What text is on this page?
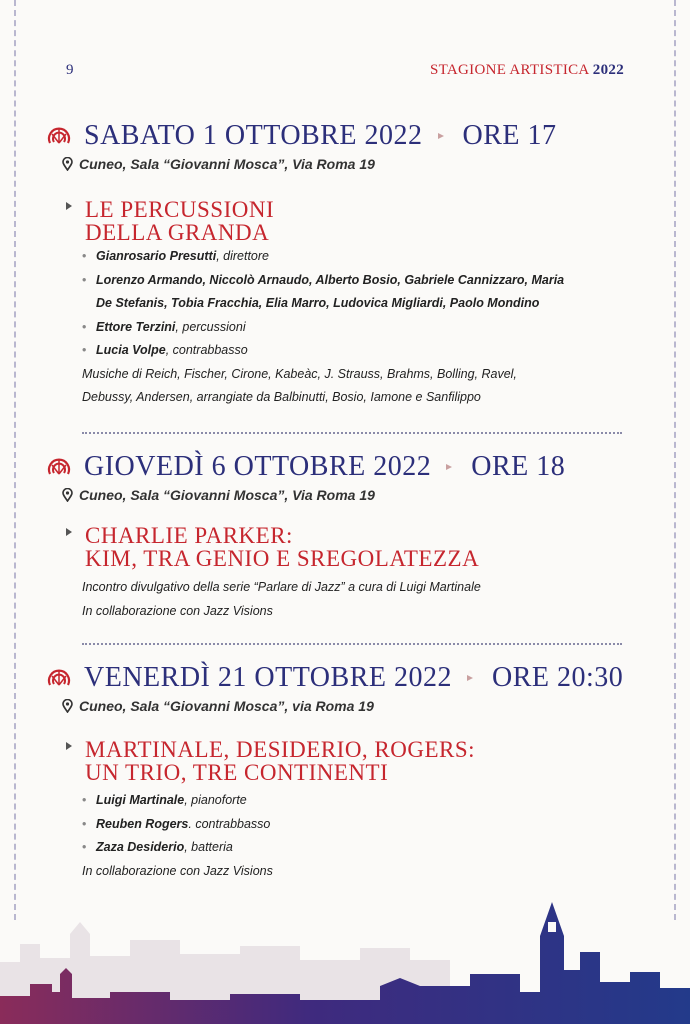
9	STAGIONE ARTISTICA 2022
SABATO 1 OTTOBRE 2022 ORE 17
Cuneo, Sala “Giovanni Mosca”, Via Roma 19
LE PERCUSSIONI
DELLA GRANDA
• Gianrosario Presutti, direttore
• Lorenzo Armando, Niccolò Arnaudo, Alberto Bosio, Gabriele Cannizzaro, Maria
De Stefanis, Tobia Fracchia, Elia Marro, Ludovica Migliardi, Paolo Mondino
• Ettore Terzini, percussioni
• Lucia Volpe, contrabbasso
Musiche di Reich, Fischer, Cirone, Kabeàc, J. Strauss, Brahms, Bolling, Ravel,
Debussy, Andersen, arrangiate da Balbinutti, Bosio, Iamone e Sanfilippo
GIOVEDÌ 6 OTTOBRE 2022 ORE 18
Cuneo, Sala “Giovanni Mosca”, Via Roma 19
CHARLIE PARKER:
KIM, TRA GENIO E SREGOLATEZZA
Incontro divulgativo della serie “Parlare di Jazz” a cura di Luigi Martinale
In collaborazione con Jazz Visions
VENERDÌ 21 OTTOBRE 2022 ORE 20:30
Cuneo, Sala “Giovanni Mosca”, via Roma 19
MARTINALE, DESIDERIO, ROGERS:
UN TRIO, TRE CONTINENTI
• Luigi Martinale, pianoforte
• Reuben Rogers. contrabbasso
• Zaza Desiderio, batteria
In collaborazione con Jazz Visions
